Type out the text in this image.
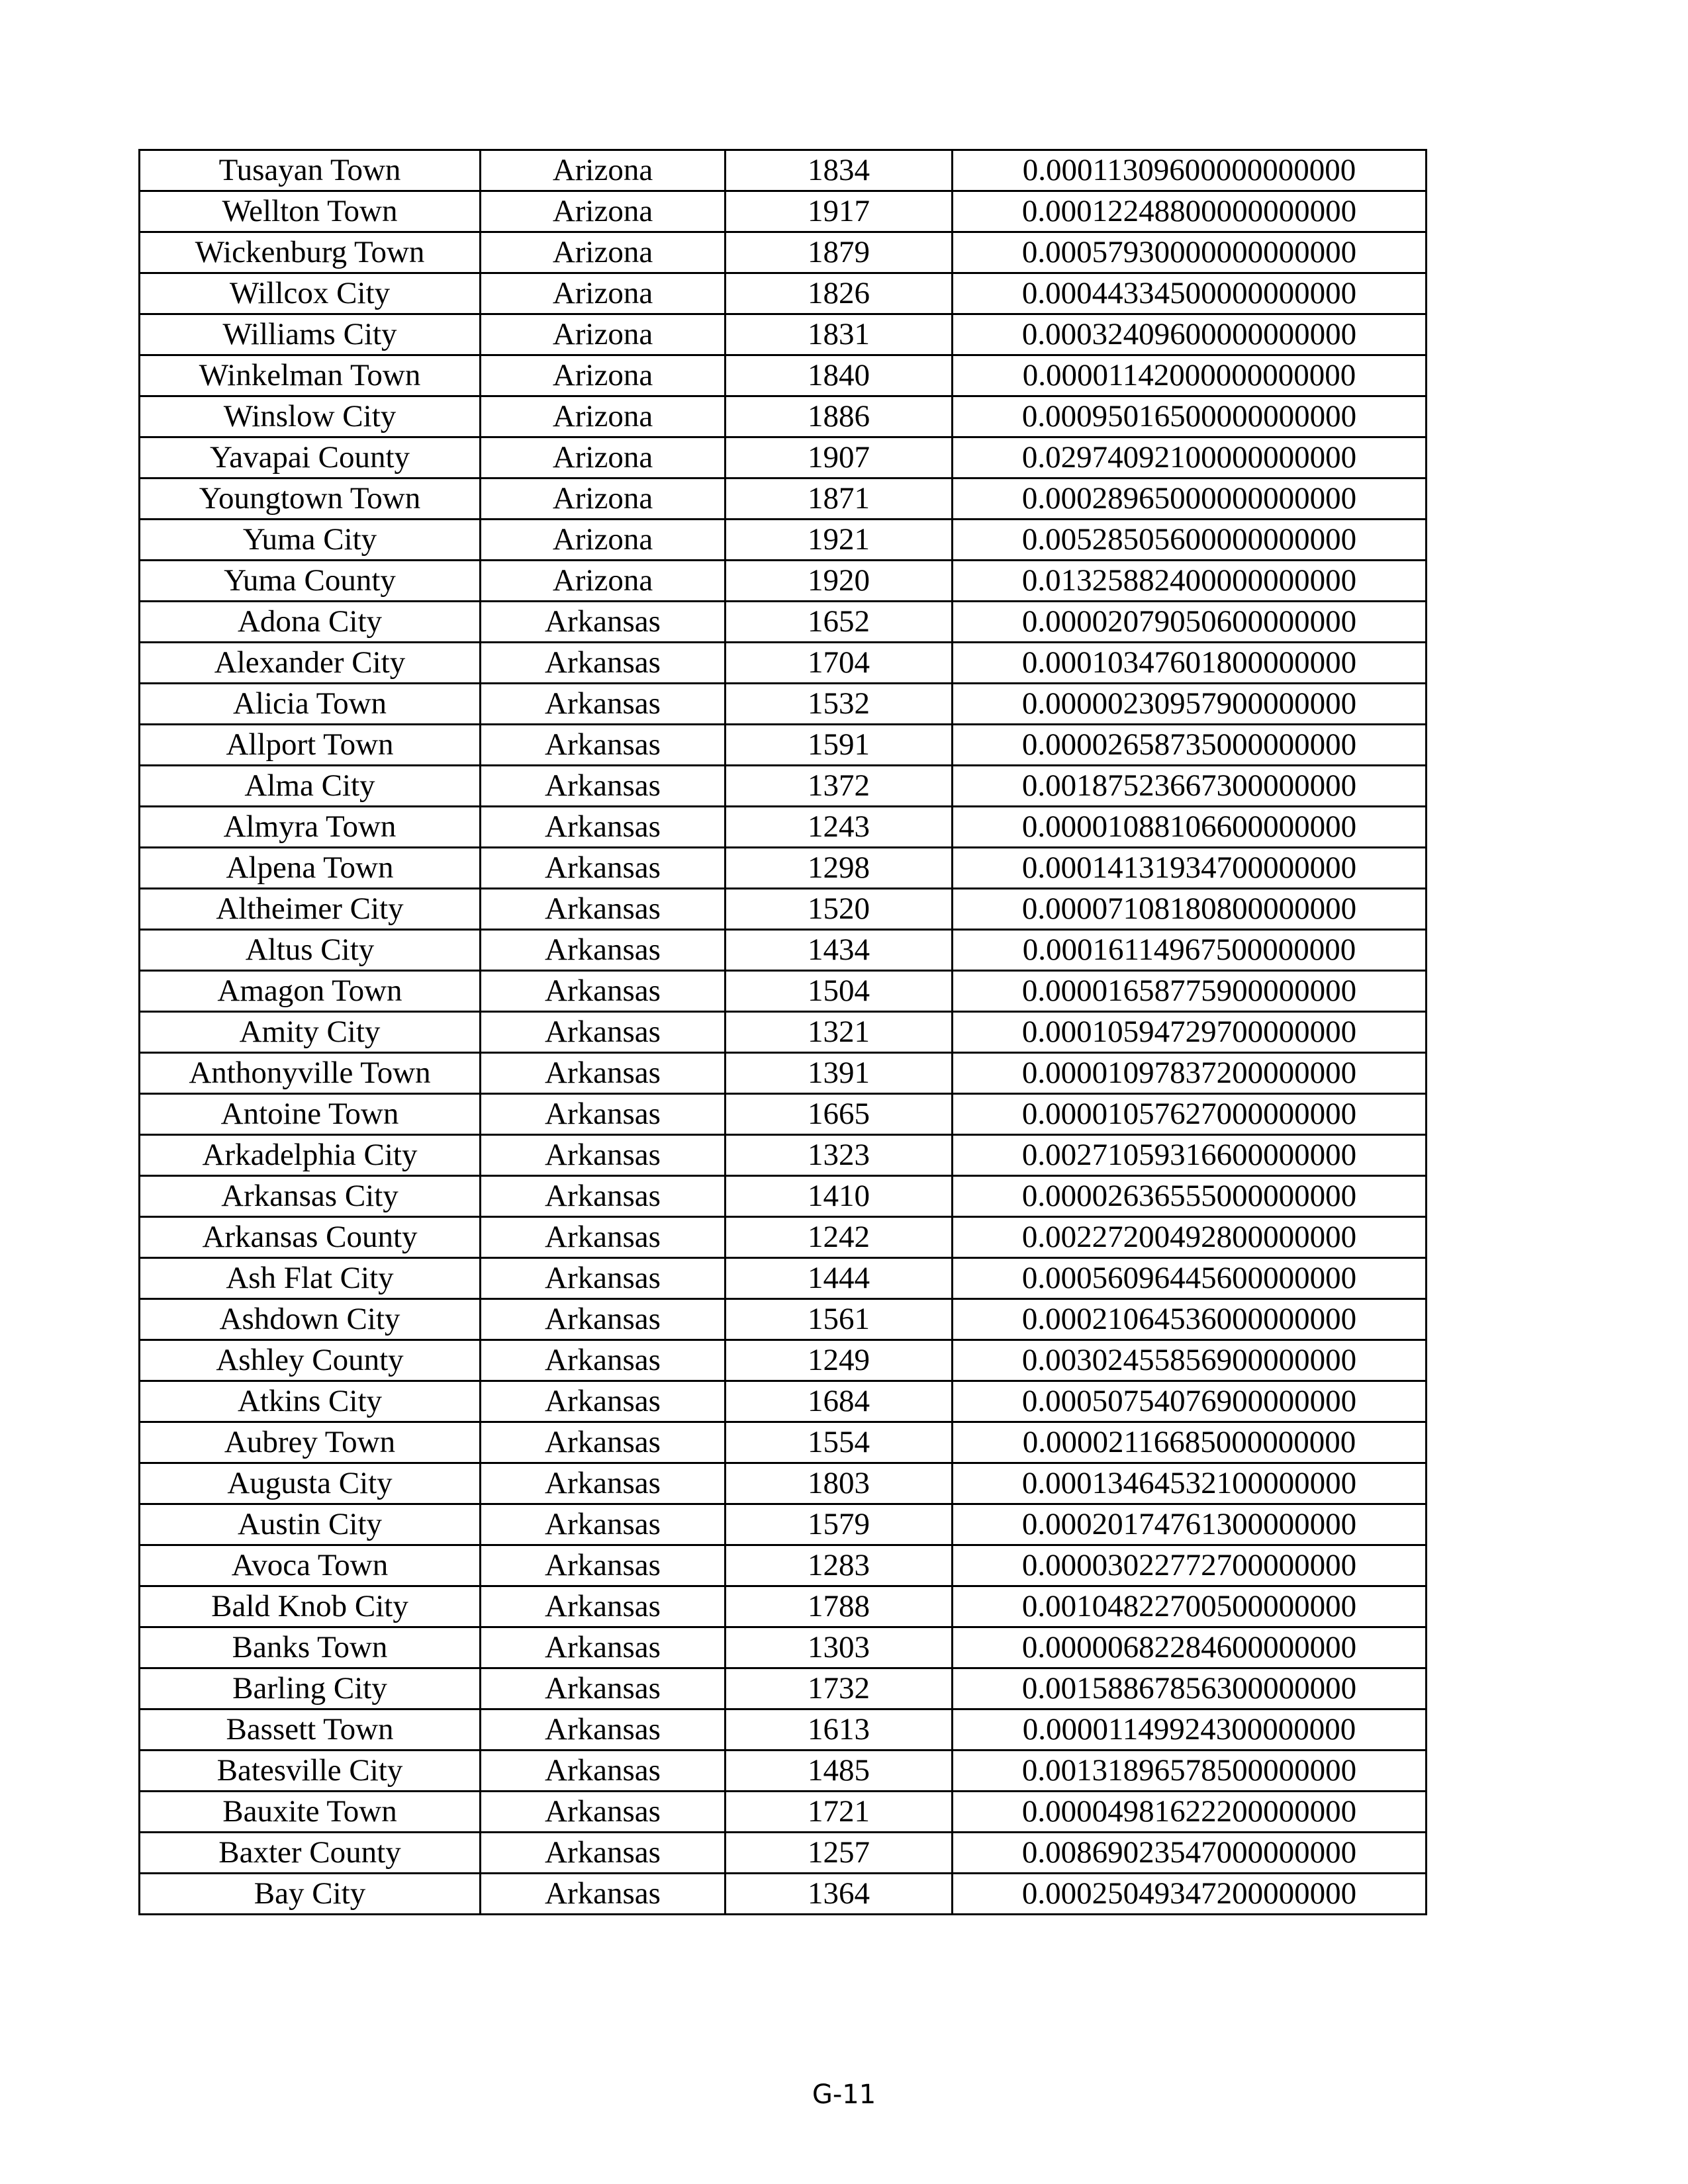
Tusayan Town	Arizona	1834	0.00011309600000000000
Wellton Town	Arizona	1917	0.00012248800000000000
Wickenburg Town	Arizona	1879	0.00057930000000000000
Willcox City	Arizona	1826	0.00044334500000000000
Williams City	Arizona	1831	0.00032409600000000000
Winkelman Town	Arizona	1840	0.00001142000000000000
Winslow City	Arizona	1886	0.00095016500000000000
Yavapai County	Arizona	1907	0.02974092100000000000
Youngtown Town	Arizona	1871	0.00028965000000000000
Yuma City	Arizona	1921	0.00528505600000000000
Yuma County	Arizona	1920	0.01325882400000000000
Adona City	Arkansas	1652	0.00002079050600000000
Alexander City	Arkansas	1704	0.00010347601800000000
Alicia Town	Arkansas	1532	0.00000230957900000000
Allport Town	Arkansas	1591	0.00002658735000000000
Alma City	Arkansas	1372	0.00187523667300000000
Almyra Town	Arkansas	1243	0.00001088106600000000
Alpena Town	Arkansas	1298	0.00014131934700000000
Altheimer City	Arkansas	1520	0.00007108180800000000
Altus City	Arkansas	1434	0.00016114967500000000
Amagon Town	Arkansas	1504	0.00001658775900000000
Amity City	Arkansas	1321	0.00010594729700000000
Anthonyville Town	Arkansas	1391	0.00001097837200000000
Antoine Town	Arkansas	1665	0.00001057627000000000
Arkadelphia City	Arkansas	1323	0.00271059316600000000
Arkansas City	Arkansas	1410	0.00002636555000000000
Arkansas County	Arkansas	1242	0.00227200492800000000
Ash Flat City	Arkansas	1444	0.00056096445600000000
Ashdown City	Arkansas	1561	0.00021064536000000000
Ashley County	Arkansas	1249	0.00302455856900000000
Atkins City	Arkansas	1684	0.00050754076900000000
Aubrey Town	Arkansas	1554	0.00002116685000000000
Augusta City	Arkansas	1803	0.00013464532100000000
Austin City	Arkansas	1579	0.00020174761300000000
Avoca Town	Arkansas	1283	0.00003022772700000000
Bald Knob City	Arkansas	1788	0.00104822700500000000
Banks Town	Arkansas	1303	0.00000682284600000000
Barling City	Arkansas	1732	0.00158867856300000000
Bassett Town	Arkansas	1613	0.00001149924300000000
Batesville City	Arkansas	1485	0.00131896578500000000
Bauxite Town	Arkansas	1721	0.00004981622200000000
Baxter County	Arkansas	1257	0.00869023547000000000
Bay City	Arkansas	1364	0.00025049347200000000
G-11
